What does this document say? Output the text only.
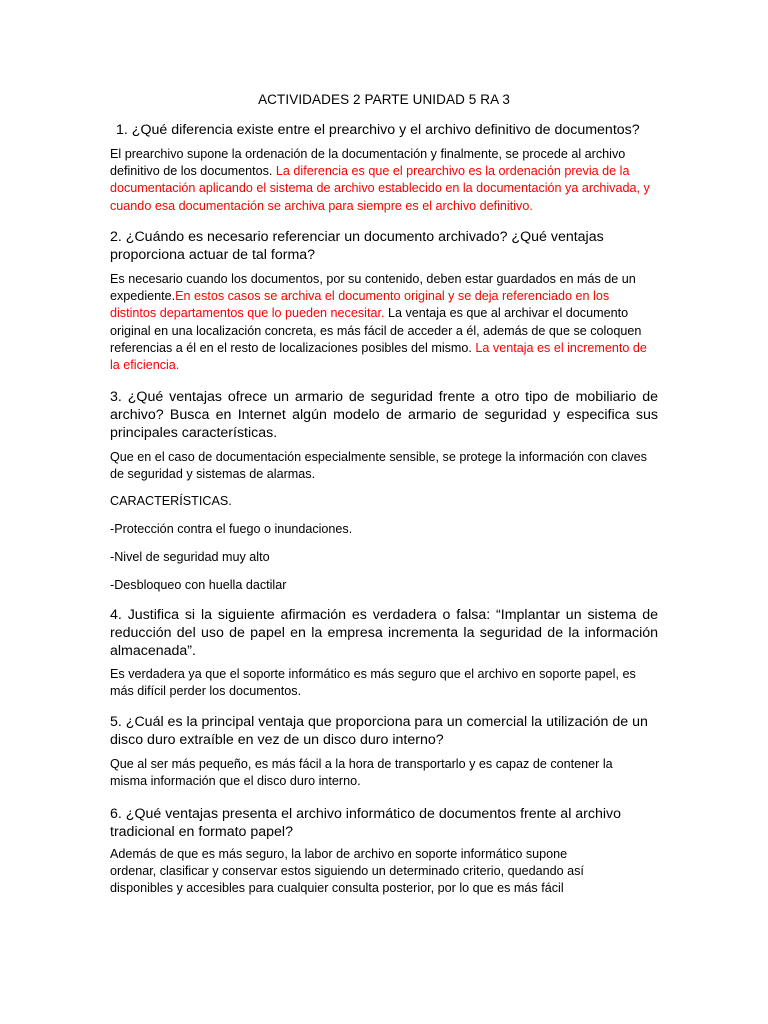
ACTIVIDADES 2 PARTE UNIDAD 5 RA 3
1. ¿Qué diferencia existe entre el prearchivo y el archivo definitivo de documentos?
El prearchivo supone la ordenación de la documentación y finalmente, se procede al archivo definitivo de los documentos. La diferencia es que el prearchivo es la ordenación previa de la documentación aplicando el sistema de archivo establecido en la documentación ya archivada, y cuando esa documentación se archiva para siempre es el archivo definitivo.
2. ¿Cuándo es necesario referenciar un documento archivado? ¿Qué ventajas proporciona actuar de tal forma?
Es necesario cuando los documentos, por su contenido, deben estar guardados en más de un expediente.En estos casos se archiva el documento original y se deja referenciado en los distintos departamentos que lo pueden necesitar. La ventaja es que al archivar el documento original en una localización concreta, es más fácil de acceder a él, además de que se coloquen referencias a él en el resto de localizaciones posibles del mismo. La ventaja es el incremento de la eficiencia.
3. ¿Qué ventajas ofrece un armario de seguridad frente a otro tipo de mobiliario de archivo? Busca en Internet algún modelo de armario de seguridad y especifica sus principales características.
Que en el caso de documentación especialmente sensible, se protege la información con claves de seguridad y sistemas de alarmas.
CARACTERÍSTICAS.
-Protección contra el fuego o inundaciones.
-Nivel de seguridad muy alto
-Desbloqueo con huella dactilar
4. Justifica si la siguiente afirmación es verdadera o falsa: “Implantar un sistema de reducción del uso de papel en la empresa incrementa la seguridad de la información almacenada”.
Es verdadera ya que el soporte informático es más seguro que el archivo en soporte papel, es más difícil perder los documentos.
5. ¿Cuál es la principal ventaja que proporciona para un comercial la utilización de un disco duro extraíble en vez de un disco duro interno?
Que al ser más pequeño, es más fácil a la hora de transportarlo y es capaz de contener la misma información que el disco duro interno.
6. ¿Qué ventajas presenta el archivo informático de documentos frente al archivo tradicional en formato papel?
Además de que es más seguro, la labor de archivo en soporte informático supone ordenar, clasificar y conservar estos siguiendo un determinado criterio, quedando así disponibles y accesibles para cualquier consulta posterior, por lo que es más fácil
